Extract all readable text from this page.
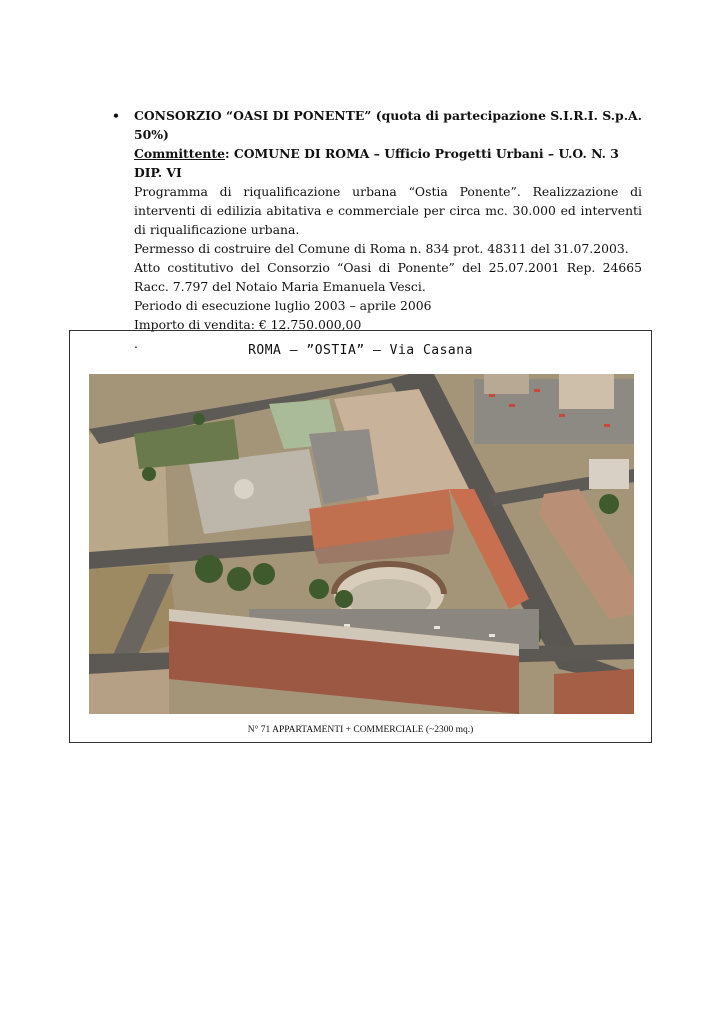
•	CONSORZIO “OASI DI PONENTE” (quota di partecipazione S.I.R.I. S.p.A. 50%)
Committente: COMUNE DI ROMA – Ufficio Progetti Urbani – U.O. N. 3 DIP. VI
Programma di riqualificazione urbana “Ostia Ponente”. Realizzazione di interventi di edilizia abitativa e commerciale per circa mc. 30.000 ed interventi di riqualificazione urbana.
Permesso di costruire del Comune di Roma n. 834 prot. 48311 del 31.07.2003.
Atto costitutivo del Consorzio “Oasi di Ponente” del 25.07.2001 Rep. 24665 Racc. 7.797 del Notaio Maria Emanuela Vesci.
Periodo di esecuzione luglio 2003 – aprile 2006
Importo di vendita: € 12.750.000,00
.	ROMA – ”OSTIA” – Via Casana
N° 71 APPARTAMENTI + COMMERCIALE (~2300 mq.)
